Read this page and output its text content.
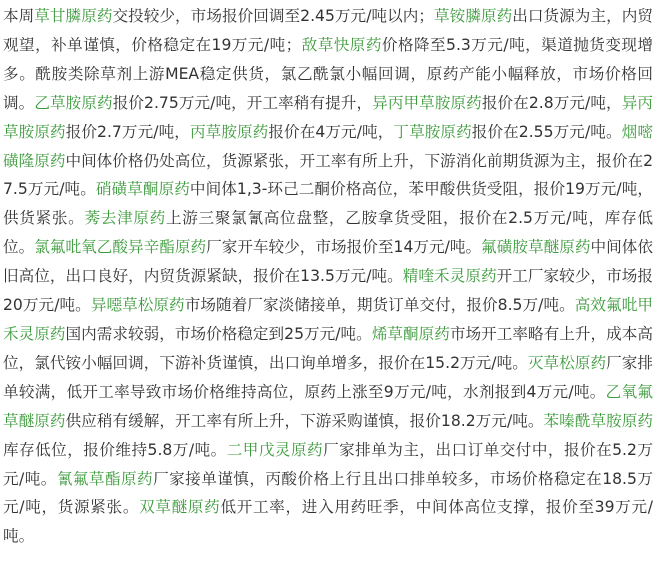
本周草甘膦原药交投较少，市场报价回调至2.45万元/吨以内；草铵膦原药出口货源为主，内贸观望，补单谨慎，价格稳定在19万元/吨；敌草快原药价格降至5.3万元/吨，渠道抛货变现增多。酰胺类除草剂上游MEA稳定供货，氯乙酰氯小幅回调，原药产能小幅释放，市场价格回调。乙草胺原药报价2.75万元/吨，开工率稍有提升，异丙甲草胺原药报价在2.8万元/吨，异丙草胺原药报价2.7万元/吨，丙草胺原药报价在4万元/吨，丁草胺原药报价在2.55万元/吨。烟嘧磺隆原药中间体价格仍处高位，货源紧张，开工率有所上升，下游消化前期货源为主，报价在27.5万元/吨。硝磺草酮原药中间体1,3-环己二酮价格高位，苯甲酸供货受阻，报价19万元/吨，供货紧张。莠去津原药上游三聚氯氰高位盘整，乙胺拿货受阻，报价在2.5万元/吨，库存低位。氯氟吡氧乙酸异辛酯原药厂家开车较少，市场报价至14万元/吨。氟磺胺草醚原药中间体依旧高位，出口良好，内贸货源紧缺，报价在13.5万元/吨。精喹禾灵原药开工厂家较少，市场报20万元/吨。异噁草松原药市场随着厂家淡储接单，期货订单交付，报价8.5万/吨。高效氟吡甲禾灵原药国内需求较弱，市场价格稳定到25万元/吨。烯草酮原药市场开工率略有上升，成本高位，氯代铵小幅回调，下游补货谨慎，出口询单增多，报价在15.2万元/吨。灭草松原药厂家排单较满，低开工率导致市场价格维持高位，原药上涨至9万元/吨，水剂报到4万元/吨。乙氧氟草醚原药供应稍有缓解，开工率有所上升，下游采购谨慎，报价18.2万元/吨。苯嗪酰草胺原药库存低位，报价维持5.8万/吨。二甲戊灵原药厂家排单为主，出口订单交付中，报价在5.2万元/吨。氰氟草酯原药厂家接单谨慎，丙酸价格上行且出口排单较多，市场价格稳定在18.5万元/吨，货源紧张。双草醚原药低开工率，进入用药旺季，中间体高位支撑，报价至39万元/吨。
